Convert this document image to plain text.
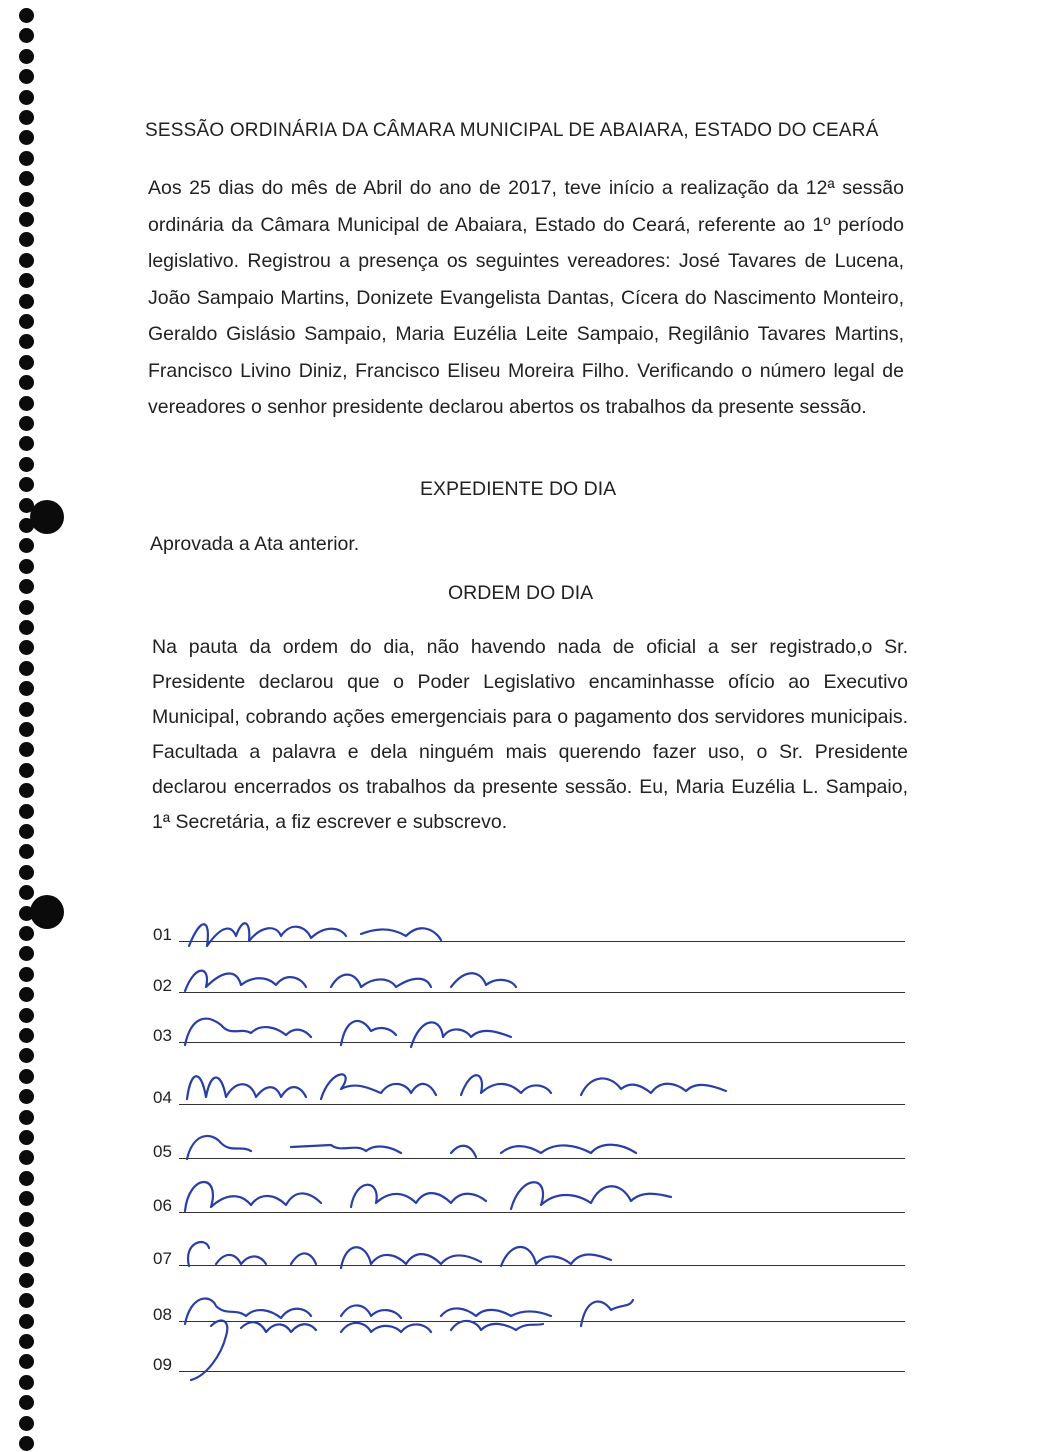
SESSÃO ORDINÁRIA DA CÂMARA MUNICIPAL DE ABAIARA, ESTADO DO CEARÁ
Aos 25 dias do mês de Abril do ano de 2017, teve início a realização da 12ª sessão ordinária da Câmara Municipal de Abaiara, Estado do Ceará, referente ao 1º período legislativo. Registrou a presença os seguintes vereadores: José Tavares de Lucena, João Sampaio Martins, Donizete Evangelista Dantas, Cícera do Nascimento Monteiro, Geraldo Gislásio Sampaio, Maria Euzélia Leite Sampaio, Regilânio Tavares Martins, Francisco Livino Diniz, Francisco Eliseu Moreira Filho. Verificando o número legal de vereadores o senhor presidente declarou abertos os trabalhos da presente sessão.
EXPEDIENTE DO DIA
Aprovada a Ata anterior.
ORDEM DO DIA
Na pauta da ordem do dia, não havendo nada de oficial a ser registrado,o Sr. Presidente declarou que o Poder Legislativo encaminhasse ofício ao Executivo Municipal, cobrando ações emergenciais para o pagamento dos servidores municipais. Facultada a palavra e dela ninguém mais querendo fazer uso, o Sr. Presidente declarou encerrados os trabalhos da presente sessão. Eu, Maria Euzélia L. Sampaio, 1ª Secretária, a fiz escrever e subscrevo.
01
02
03
04
05
06
07
08
09
